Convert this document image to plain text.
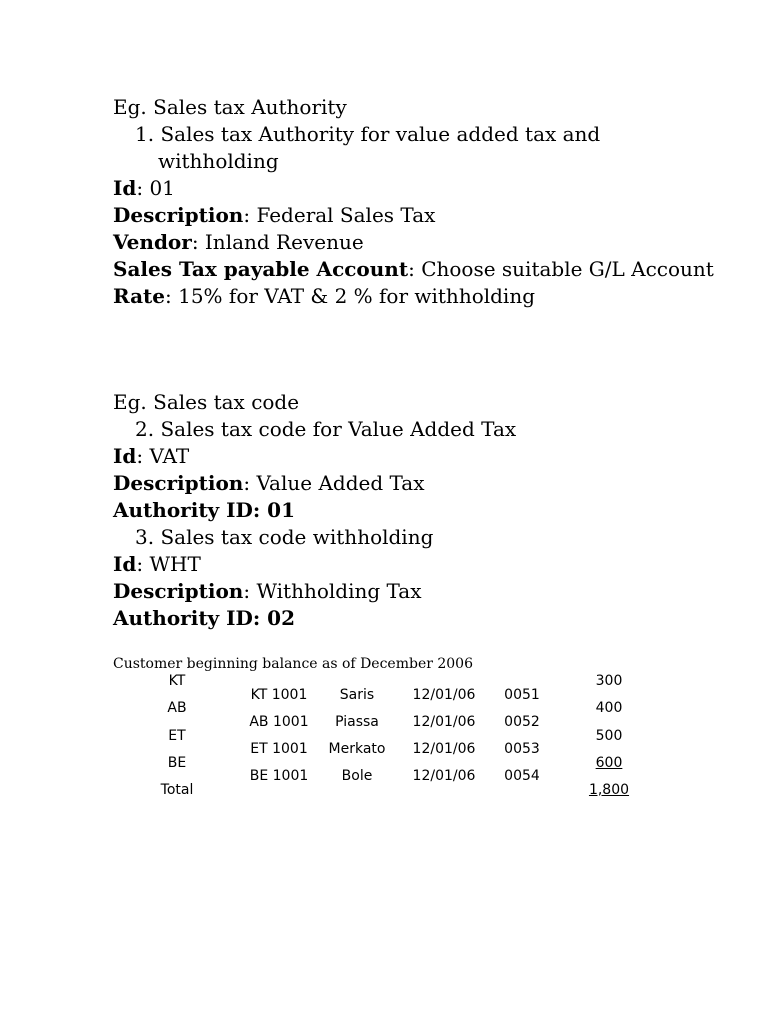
Eg. Sales tax Authority
1. Sales tax Authority for value added tax and
withholding
Id: 01
Description: Federal Sales Tax
Vendor: Inland Revenue
Sales Tax payable Account: Choose suitable G/L Account
Rate: 15% for VAT & 2 % for withholding
Eg. Sales tax code
2. Sales tax code for Value Added Tax
Id: VAT
Description: Value Added Tax
Authority ID: 01
3. Sales tax code withholding
Id: WHT
Description: Withholding Tax
Authority ID: 02
Customer beginning balance as of December 2006
KT
AB
ET
BE
Total
KT 1001
AB 1001
ET 1001
BE 1001
Saris
Piassa
Merkato
Bole
12/01/06
12/01/06
12/01/06
12/01/06
0051
0052
0053
0054
300
400
500
600
1,800
